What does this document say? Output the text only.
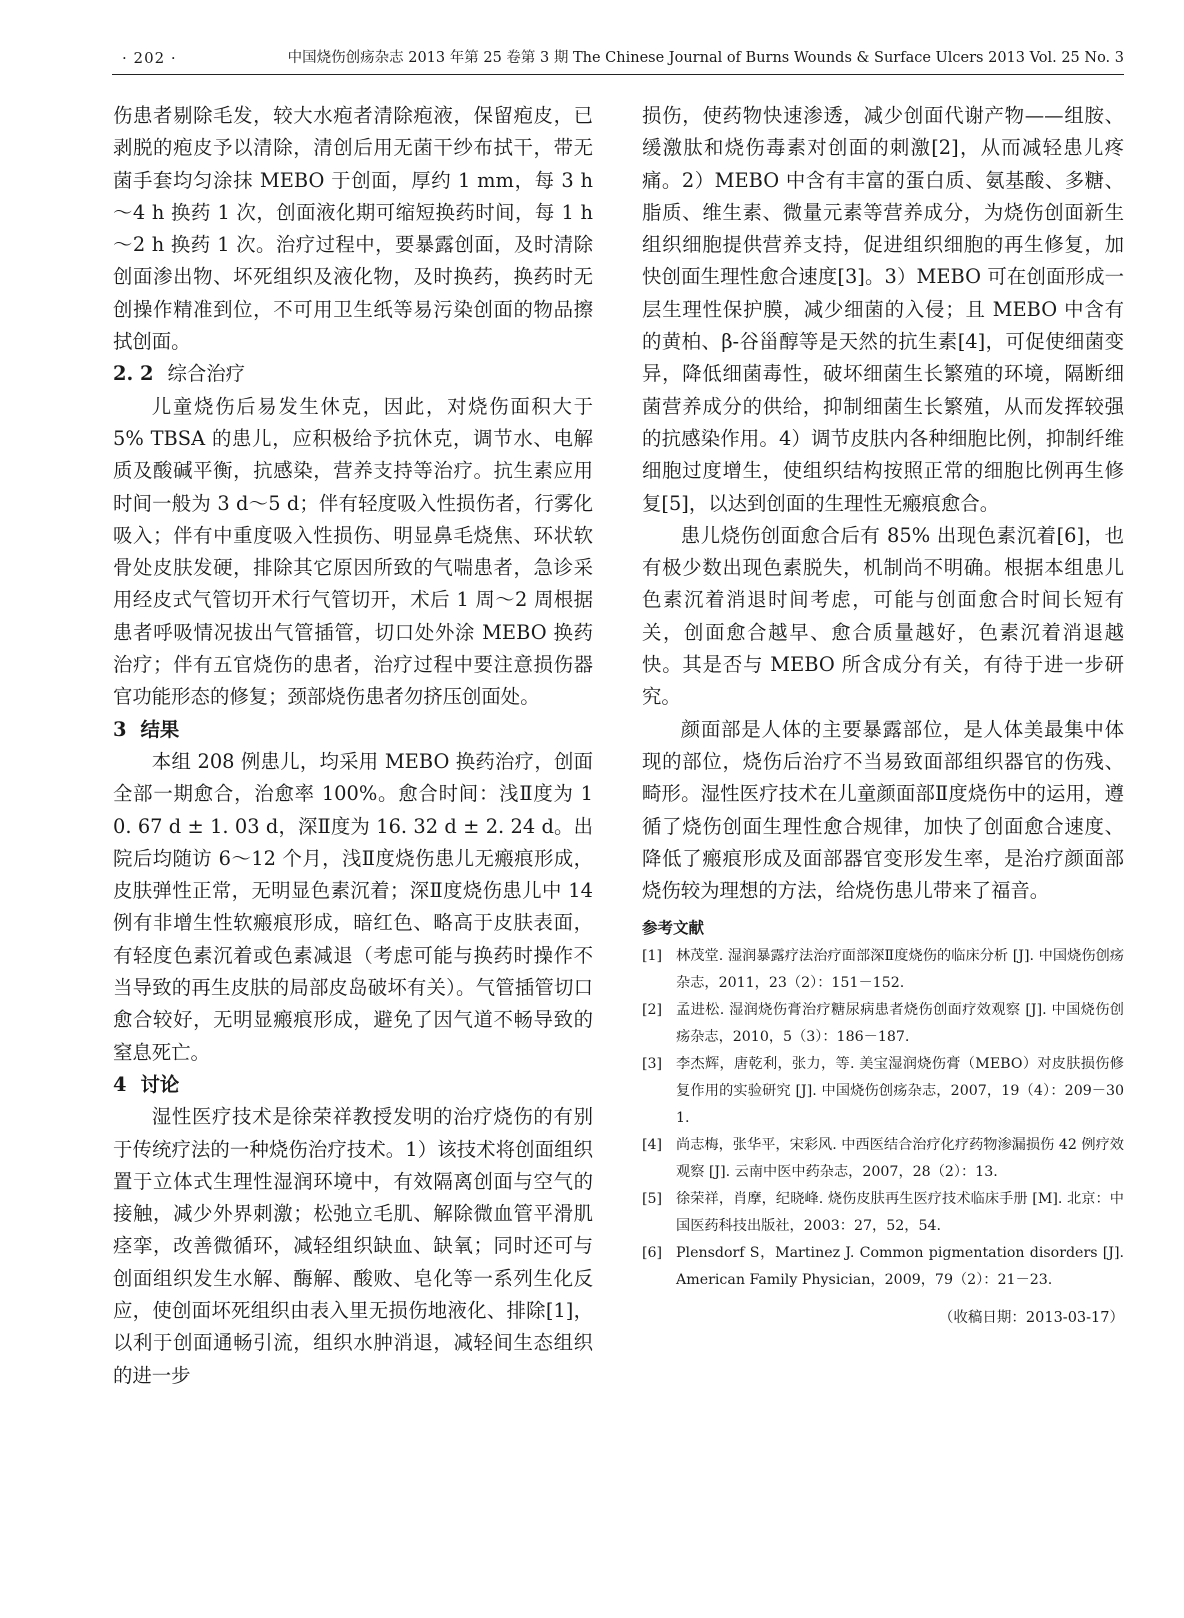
· 202 ·	中国烧伤创疡杂志 2013 年第 25 卷第 3 期 The Chinese Journal of Burns Wounds & Surface Ulcers 2013 Vol. 25 No. 3

伤患者剔除毛发，较大水疱者清除疱液，保留疱皮，已剥脱的疱皮予以清除，清创后用无菌干纱布拭干，带无菌手套均匀涂抹 MEBO 于创面，厚约 1 mm，每 3 h～4 h 换药 1 次，创面液化期可缩短换药时间，每 1 h～2 h 换药 1 次。治疗过程中，要暴露创面，及时清除创面渗出物、坏死组织及液化物，及时换药，换药时无创操作精准到位，不可用卫生纸等易污染创面的物品擦拭创面。

2. 2 综合治疗

儿童烧伤后易发生休克，因此，对烧伤面积大于 5% TBSA 的患儿，应积极给予抗休克，调节水、电解质及酸碱平衡，抗感染，营养支持等治疗。抗生素应用时间一般为 3 d～5 d；伴有轻度吸入性损伤者，行雾化吸入；伴有中重度吸入性损伤、明显鼻毛烧焦、环状软骨处皮肤发硬，排除其它原因所致的气喘患者，急诊采用经皮式气管切开术行气管切开，术后 1 周～2 周根据患者呼吸情况拔出气管插管，切口处外涂 MEBO 换药治疗；伴有五官烧伤的患者，治疗过程中要注意损伤器官功能形态的修复；颈部烧伤患者勿挤压创面处。

3 结果

本组 208 例患儿，均采用 MEBO 换药治疗，创面全部一期愈合，治愈率 100%。愈合时间：浅Ⅱ度为 10. 67 d ± 1. 03 d，深Ⅱ度为 16. 32 d ± 2. 24 d。出院后均随访 6～12 个月，浅Ⅱ度烧伤患儿无瘢痕形成，皮肤弹性正常，无明显色素沉着；深Ⅱ度烧伤患儿中 14 例有非增生性软瘢痕形成，暗红色、略高于皮肤表面，有轻度色素沉着或色素减退（考虑可能与换药时操作不当导致的再生皮肤的局部皮岛破坏有关）。气管插管切口愈合较好，无明显瘢痕形成，避免了因气道不畅导致的窒息死亡。

4 讨论

湿性医疗技术是徐荣祥教授发明的治疗烧伤的有别于传统疗法的一种烧伤治疗技术。1）该技术将创面组织置于立体式生理性湿润环境中，有效隔离创面与空气的接触，减少外界刺激；松弛立毛肌、解除微血管平滑肌痉挛，改善微循环，减轻组织缺血、缺氧；同时还可与创面组织发生水解、酶解、酸败、皂化等一系列生化反应，使创面坏死组织由表入里无损伤地液化、排除[1]，以利于创面通畅引流，组织水肿消退，减轻间生态组织的进一步

损伤，使药物快速渗透，减少创面代谢产物——组胺、缓激肽和烧伤毒素对创面的刺激[2]，从而减轻患儿疼痛。2）MEBO 中含有丰富的蛋白质、氨基酸、多糖、脂质、维生素、微量元素等营养成分，为烧伤创面新生组织细胞提供营养支持，促进组织细胞的再生修复，加快创面生理性愈合速度[3]。3）MEBO 可在创面形成一层生理性保护膜，减少细菌的入侵；且 MEBO 中含有的黄柏、β-谷甾醇等是天然的抗生素[4]，可促使细菌变异，降低细菌毒性，破坏细菌生长繁殖的环境，隔断细菌营养成分的供给，抑制细菌生长繁殖，从而发挥较强的抗感染作用。4）调节皮肤内各种细胞比例，抑制纤维细胞过度增生，使组织结构按照正常的细胞比例再生修复[5]，以达到创面的生理性无瘢痕愈合。

患儿烧伤创面愈合后有 85% 出现色素沉着[6]，也有极少数出现色素脱失，机制尚不明确。根据本组患儿色素沉着消退时间考虑，可能与创面愈合时间长短有关，创面愈合越早、愈合质量越好，色素沉着消退越快。其是否与 MEBO 所含成分有关，有待于进一步研究。

颜面部是人体的主要暴露部位，是人体美最集中体现的部位，烧伤后治疗不当易致面部组织器官的伤残、畸形。湿性医疗技术在儿童颜面部Ⅱ度烧伤中的运用，遵循了烧伤创面生理性愈合规律，加快了创面愈合速度、降低了瘢痕形成及面部器官变形发生率，是治疗颜面部烧伤较为理想的方法，给烧伤患儿带来了福音。

参考文献
[1] 林茂堂. 湿润暴露疗法治疗面部深Ⅱ度烧伤的临床分析 [J]. 中国烧伤创疡杂志，2011，23（2）：151－152.
[2] 孟进松. 湿润烧伤膏治疗糖尿病患者烧伤创面疗效观察 [J]. 中国烧伤创疡杂志，2010，5（3）：186－187.
[3] 李杰辉，唐乾利，张力，等. 美宝湿润烧伤膏（MEBO）对皮肤损伤修复作用的实验研究 [J]. 中国烧伤创疡杂志，2007，19（4）：209－301.
[4] 尚志梅，张华平，宋彩风. 中西医结合治疗化疗药物渗漏损伤 42 例疗效观察 [J]. 云南中医中药杂志，2007，28（2）：13.
[5] 徐荣祥，肖摩，纪晓峰. 烧伤皮肤再生医疗技术临床手册 [M]. 北京：中国医药科技出版社，2003：27，52，54.
[6] Plensdorf S，Martinez J. Common pigmentation disorders [J]. American Family Physician，2009，79（2）：21－23.
（收稿日期：2013-03-17）
